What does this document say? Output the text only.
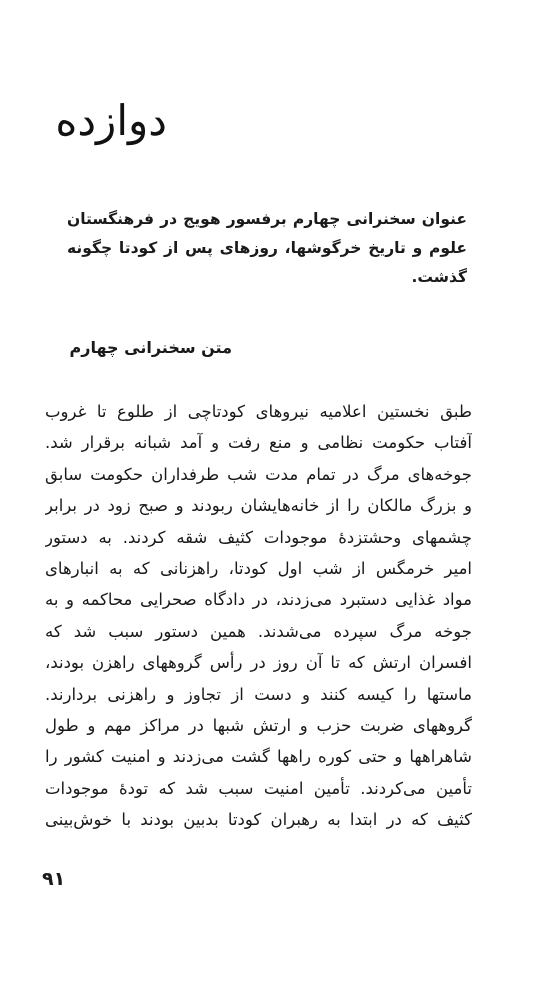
دوازده

عنوان سخنرانی چهارم برفسور هویج در فرهنگستان علوم و تاریخ خرگوشها، روزهای پس از کودتا چگونه گذشت.

متن سخنرانی چهارم
طبق نخستین اعلامیه نیروهای کودتاچی از طلوع تا غروب
آفتاب حکومت نظامی و منع رفت و آمد شبانه برقرار شد.
جوخه‌های مرگ در تمام مدت شب طرفداران حکومت سابق
و بزرگ مالکان را از خانه‌هایشان ربودند و صبح زود در برابر
چشمهای وحشتزدهٔ موجودات کثیف شقه کردند. به دستور
امیر خرمگس از شب اول کودتا، راهزنانی که به انبارهای
مواد غذایی دستبرد می‌زدند، در دادگاه صحرایی محاکمه و به
جوخه مرگ سپرده می‌شدند. همین دستور سبب شد که
افسران ارتش که تا آن روز در رأس گروههای راهزن بودند،
ماستها را کیسه کنند و دست از تجاوز و راهزنی بردارند.
گروههای ضربت حزب و ارتش شبها در مراکز مهم و طول
شاهراهها و حتی کوره راهها گشت می‌زدند و امنیت کشور را
تأمین می‌کردند. تأمین امنیت سبب شد که تودهٔ موجودات
کثیف که در ابتدا به رهبران کودتا بدبین بودند با خوش‌بینی
۹۱
